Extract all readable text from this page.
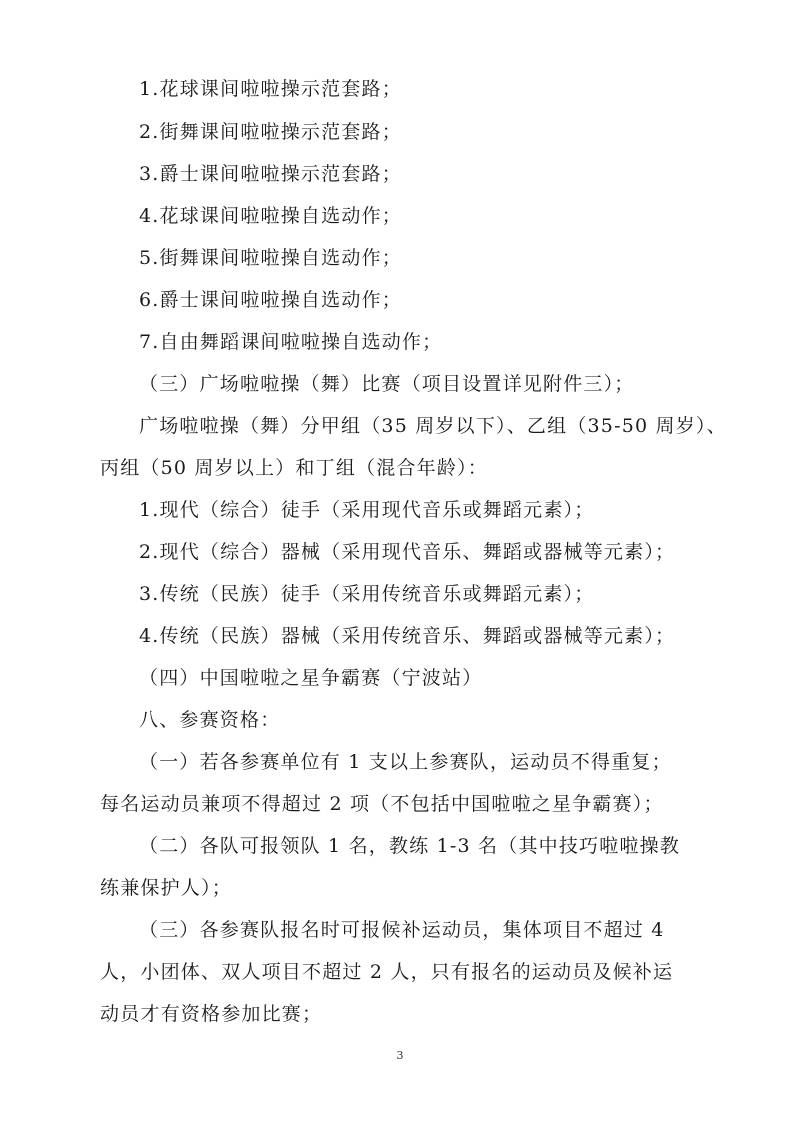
1.花球课间啦啦操示范套路；
2.街舞课间啦啦操示范套路；
3.爵士课间啦啦操示范套路；
4.花球课间啦啦操自选动作；
5.街舞课间啦啦操自选动作；
6.爵士课间啦啦操自选动作；
7.自由舞蹈课间啦啦操自选动作；
（三）广场啦啦操（舞）比赛（项目设置详见附件三）；
广场啦啦操（舞）分甲组（35 周岁以下）、乙组（35-50 周岁）、
丙组（50 周岁以上）和丁组（混合年龄）：
1.现代（综合）徒手（采用现代音乐或舞蹈元素）；
2.现代（综合）器械（采用现代音乐、舞蹈或器械等元素）；
3.传统（民族）徒手（采用传统音乐或舞蹈元素）；
4.传统（民族）器械（采用传统音乐、舞蹈或器械等元素）；
（四）中国啦啦之星争霸赛（宁波站）
八、参赛资格：
（一）若各参赛单位有 1 支以上参赛队，运动员不得重复；
每名运动员兼项不得超过 2 项（不包括中国啦啦之星争霸赛）；
（二）各队可报领队 1 名，教练 1-3 名（其中技巧啦啦操教
练兼保护人）；
（三）各参赛队报名时可报候补运动员，集体项目不超过 4
人，小团体、双人项目不超过 2 人，只有报名的运动员及候补运
动员才有资格参加比赛；
3
